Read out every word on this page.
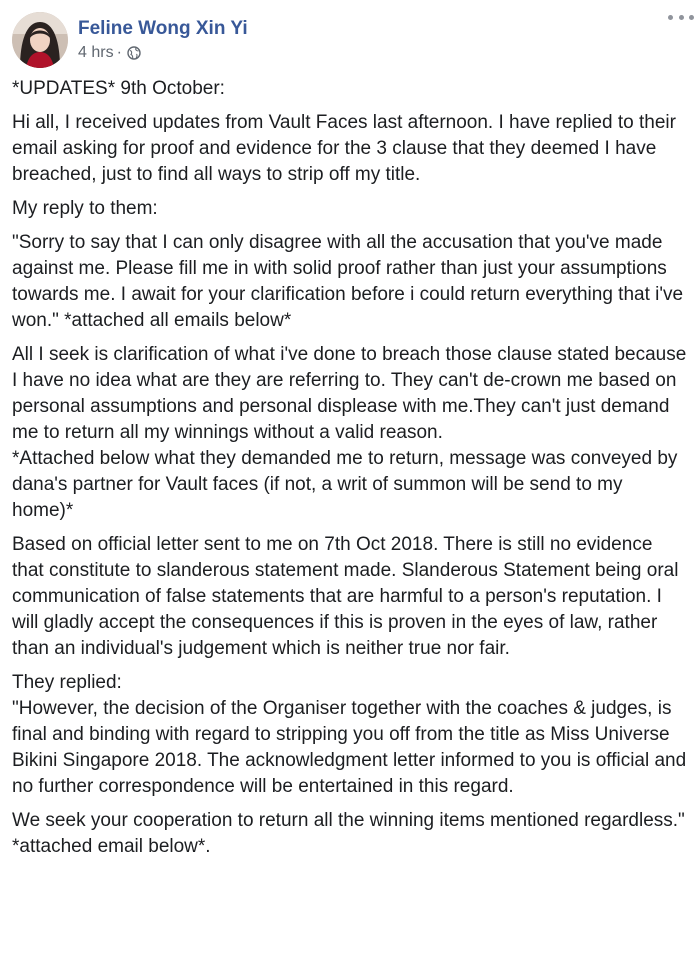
Feline Wong Xin Yi
4 hrs ·

*UPDATES* 9th October:

Hi all, I received updates from Vault Faces last afternoon. I have replied to their email asking for proof and evidence for the 3 clause that they deemed I have breached, just to find all ways to strip off my title.

My reply to them:

"Sorry to say that I can only disagree with all the accusation that you've made against me. Please fill me in with solid proof rather than just your assumptions towards me. I await for your clarification before i could return everything that i've won." *attached all emails below*

All I seek is clarification of what i've done to breach those clause stated because I have no idea what are they are referring to. They can't de-crown me based on personal assumptions and personal displease with me.They can't just demand me to return all my winnings without a valid reason.
*Attached below what they demanded me to return, message was conveyed by dana's partner for Vault faces (if not, a writ of summon will be send to my home)*

Based on official letter sent to me on 7th Oct 2018. There is still no evidence that constitute to slanderous statement made. Slanderous Statement being oral communication of false statements that are harmful to a person's reputation. I will gladly accept the consequences if this is proven in the eyes of law, rather than an individual's judgement which is neither true nor fair.

They replied:
"However, the decision of the Organiser together with the coaches & judges, is final and binding with regard to stripping you off from the title as Miss Universe Bikini Singapore 2018. The acknowledgment letter informed to you is official and no further correspondence will be entertained in this regard.

We seek your cooperation to return all the winning items mentioned regardless."
*attached email below*.
